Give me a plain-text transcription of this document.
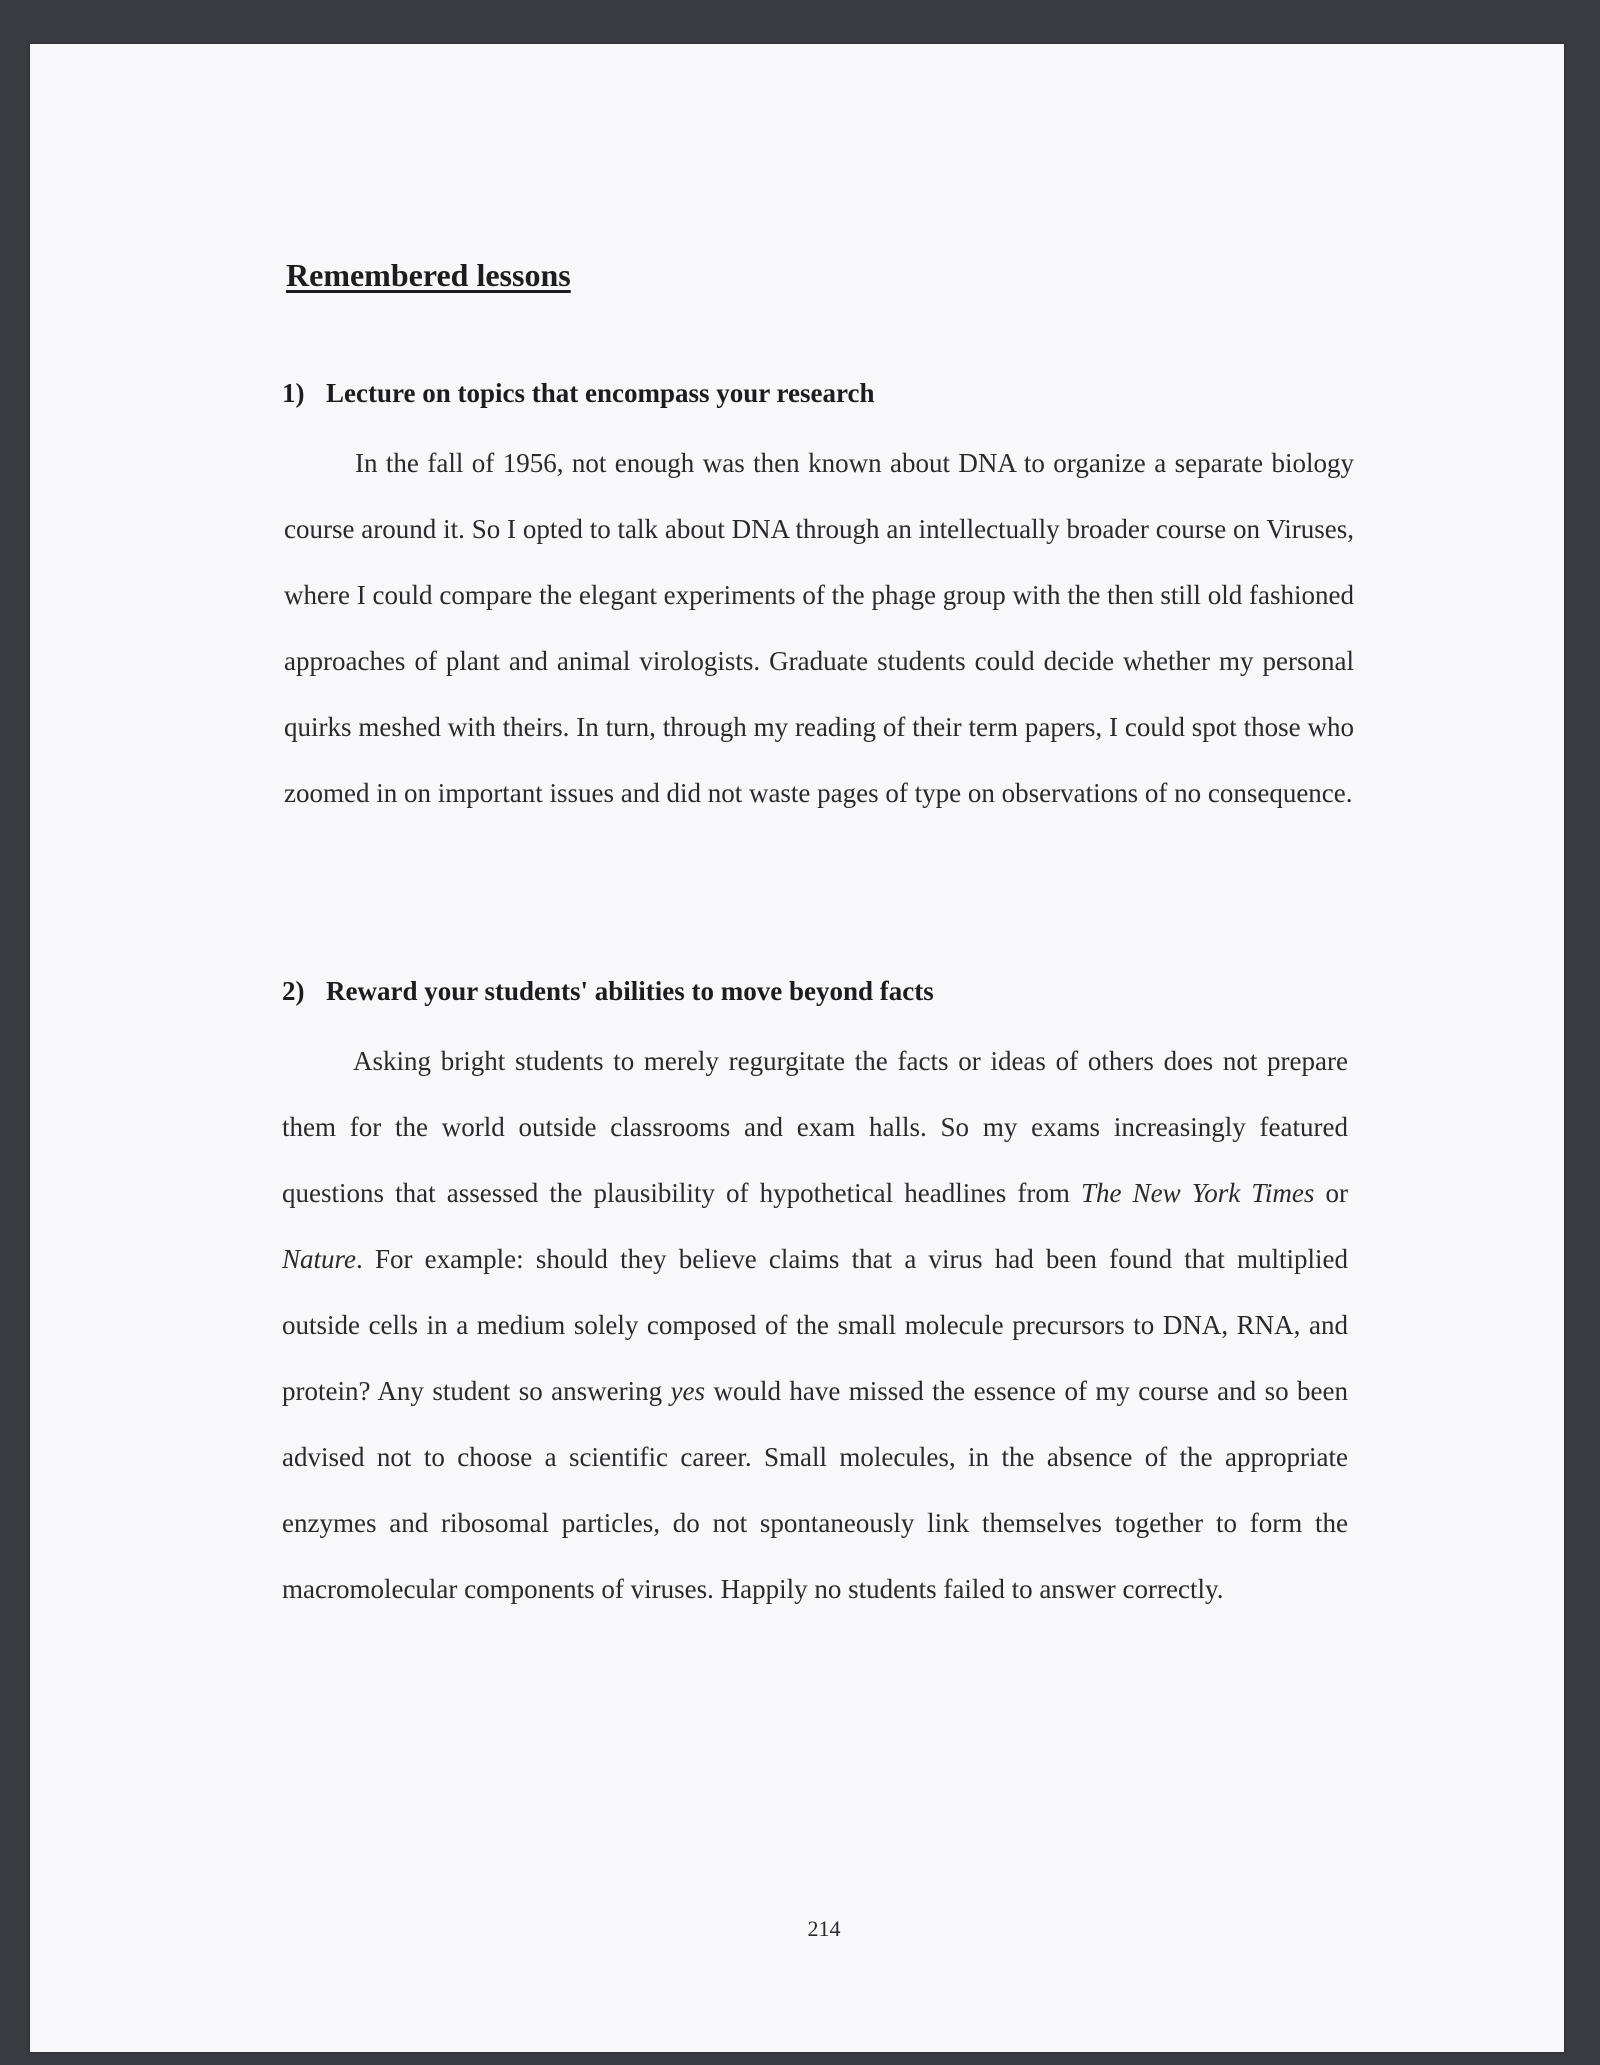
Remembered lessons
1) Lecture on topics that encompass your research

In the fall of 1956, not enough was then known about DNA to organize a separate biology course around it. So I opted to talk about DNA through an intellectually broader course on Viruses, where I could compare the elegant experiments of the phage group with the then still old fashioned approaches of plant and animal virologists. Graduate students could decide whether my personal quirks meshed with theirs. In turn, through my reading of their term papers, I could spot those who zoomed in on important issues and did not waste pages of type on observations of no consequence.

2) Reward your students' abilities to move beyond facts

Asking bright students to merely regurgitate the facts or ideas of others does not prepare them for the world outside classrooms and exam halls. So my exams increasingly featured questions that assessed the plausibility of hypothetical headlines from The New York Times or Nature. For example: should they believe claims that a virus had been found that multiplied outside cells in a medium solely composed of the small molecule precursors to DNA, RNA, and protein? Any student so answering yes would have missed the essence of my course and so been advised not to choose a scientific career. Small molecules, in the absence of the appropriate enzymes and ribosomal particles, do not spontaneously link themselves together to form the macromolecular components of viruses. Happily no students failed to answer correctly.

214
